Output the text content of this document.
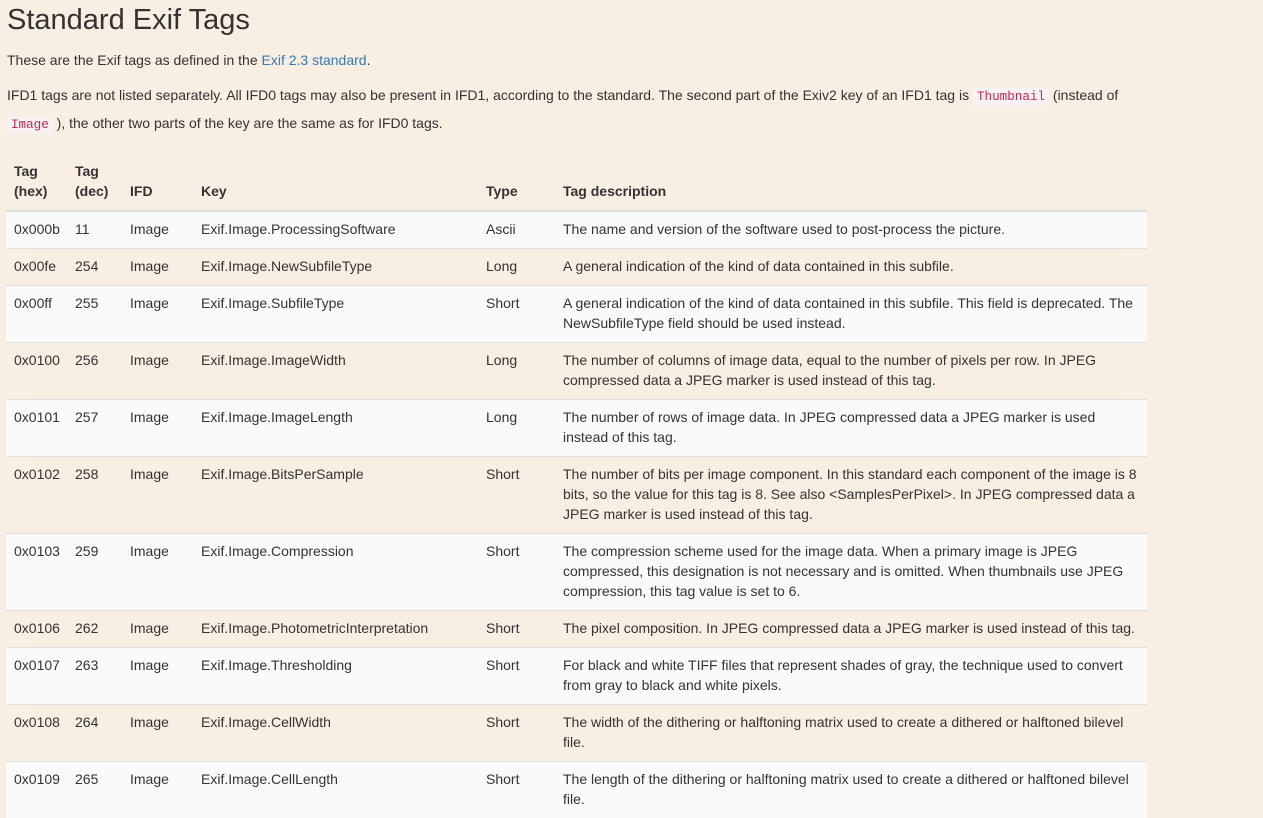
Standard Exif Tags

These are the Exif tags as defined in the Exif 2.3 standard.

IFD1 tags are not listed separately. All IFD0 tags may also be present in IFD1, according to the standard. The second part of the Exiv2 key of an IFD1 tag is Thumbnail (instead of Image ), the other two parts of the key are the same as for IFD0 tags.

Tag (hex)	Tag (dec)	IFD	Key	Type	Tag description
0x000b	11	Image	Exif.Image.ProcessingSoftware	Ascii	The name and version of the software used to post-process the picture.
0x00fe	254	Image	Exif.Image.NewSubfileType	Long	A general indication of the kind of data contained in this subfile.
0x00ff	255	Image	Exif.Image.SubfileType	Short	A general indication of the kind of data contained in this subfile. This field is deprecated. The NewSubfileType field should be used instead.
0x0100	256	Image	Exif.Image.ImageWidth	Long	The number of columns of image data, equal to the number of pixels per row. In JPEG compressed data a JPEG marker is used instead of this tag.
0x0101	257	Image	Exif.Image.ImageLength	Long	The number of rows of image data. In JPEG compressed data a JPEG marker is used instead of this tag.
0x0102	258	Image	Exif.Image.BitsPerSample	Short	The number of bits per image component. In this standard each component of the image is 8 bits, so the value for this tag is 8. See also <SamplesPerPixel>. In JPEG compressed data a JPEG marker is used instead of this tag.
0x0103	259	Image	Exif.Image.Compression	Short	The compression scheme used for the image data. When a primary image is JPEG compressed, this designation is not necessary and is omitted. When thumbnails use JPEG compression, this tag value is set to 6.
0x0106	262	Image	Exif.Image.PhotometricInterpretation	Short	The pixel composition. In JPEG compressed data a JPEG marker is used instead of this tag.
0x0107	263	Image	Exif.Image.Thresholding	Short	For black and white TIFF files that represent shades of gray, the technique used to convert from gray to black and white pixels.
0x0108	264	Image	Exif.Image.CellWidth	Short	The width of the dithering or halftoning matrix used to create a dithered or halftoned bilevel file.
0x0109	265	Image	Exif.Image.CellLength	Short	The length of the dithering or halftoning matrix used to create a dithered or halftoned bilevel file.
